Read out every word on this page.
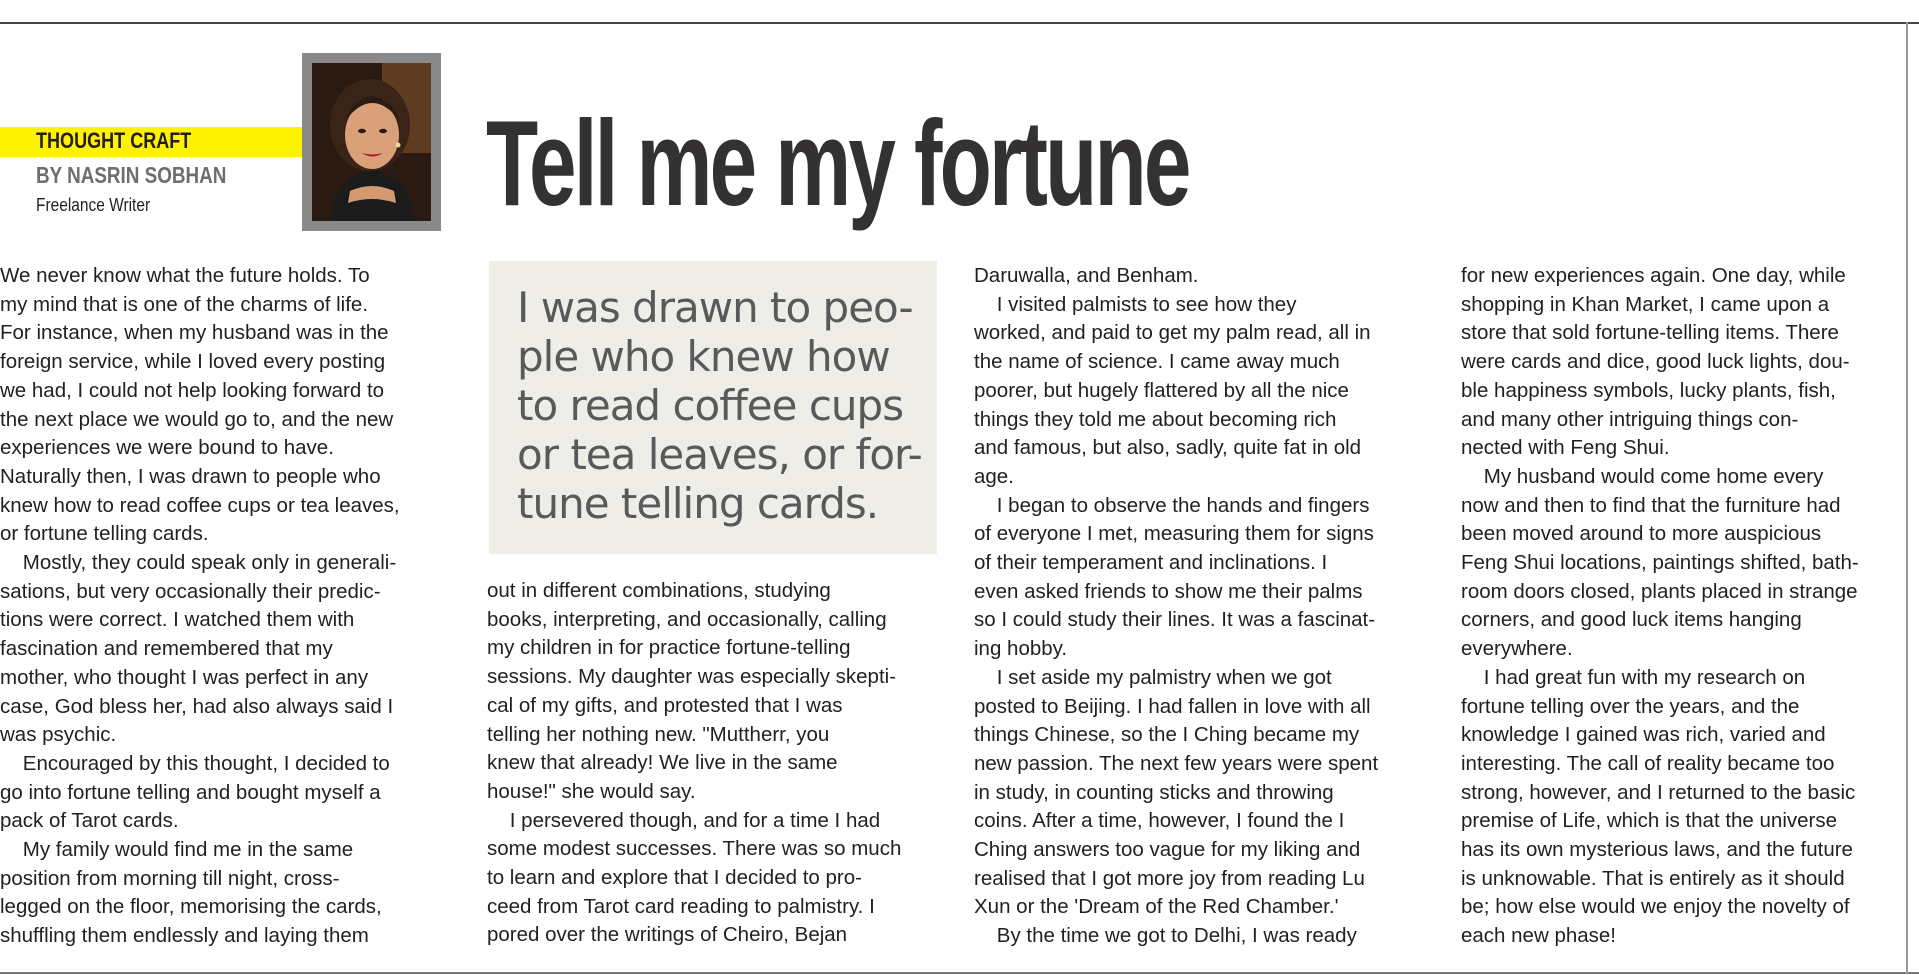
THOUGHT CRAFT
BY NASRIN SOBHAN
Freelance Writer	Tell me my fortune
I was drawn to peo-
ple who knew how
to read coffee cups
or tea leaves, or for-
tune telling cards.
We never know what the future holds. To
my mind that is one of the charms of life.
For instance, when my husband was in the
foreign service, while I loved every posting
we had, I could not help looking forward to
the next place we would go to, and the new
experiences we were bound to have.
Naturally then, I was drawn to people who
knew how to read coffee cups or tea leaves,
or fortune telling cards.
Mostly, they could speak only in generali-
sations, but very occasionally their predic-
tions were correct. I watched them with
fascination and remembered that my
mother, who thought I was perfect in any
case, God bless her, had also always said I
was psychic.
Encouraged by this thought, I decided to
go into fortune telling and bought myself a
pack of Tarot cards.
My family would find me in the same
position from morning till night, cross-
legged on the floor, memorising the cards,
shuffling them endlessly and laying them
out in different combinations, studying
books, interpreting, and occasionally, calling
my children in for practice fortune-telling
sessions. My daughter was especially skepti-
cal of my gifts, and protested that I was
telling her nothing new. "Muttherr, you
knew that already! We live in the same
house!" she would say.
I persevered though, and for a time I had
some modest successes. There was so much
to learn and explore that I decided to pro-
ceed from Tarot card reading to palmistry. I
pored over the writings of Cheiro, Bejan
Daruwalla, and Benham.
I visited palmists to see how they
worked, and paid to get my palm read, all in
the name of science. I came away much
poorer, but hugely flattered by all the nice
things they told me about becoming rich
and famous, but also, sadly, quite fat in old
age.
I began to observe the hands and fingers
of everyone I met, measuring them for signs
of their temperament and inclinations. I
even asked friends to show me their palms
so I could study their lines. It was a fascinat-
ing hobby.
I set aside my palmistry when we got
posted to Beijing. I had fallen in love with all
things Chinese, so the I Ching became my
new passion. The next few years were spent
in study, in counting sticks and throwing
coins. After a time, however, I found the I
Ching answers too vague for my liking and
realised that I got more joy from reading Lu
Xun or the 'Dream of the Red Chamber.'
By the time we got to Delhi, I was ready
for new experiences again. One day, while
shopping in Khan Market, I came upon a
store that sold fortune-telling items. There
were cards and dice, good luck lights, dou-
ble happiness symbols, lucky plants, fish,
and many other intriguing things con-
nected with Feng Shui.
My husband would come home every
now and then to find that the furniture had
been moved around to more auspicious
Feng Shui locations, paintings shifted, bath-
room doors closed, plants placed in strange
corners, and good luck items hanging
everywhere.
I had great fun with my research on
fortune telling over the years, and the
knowledge I gained was rich, varied and
interesting. The call of reality became too
strong, however, and I returned to the basic
premise of Life, which is that the universe
has its own mysterious laws, and the future
is unknowable. That is entirely as it should
be; how else would we enjoy the novelty of
each new phase!
